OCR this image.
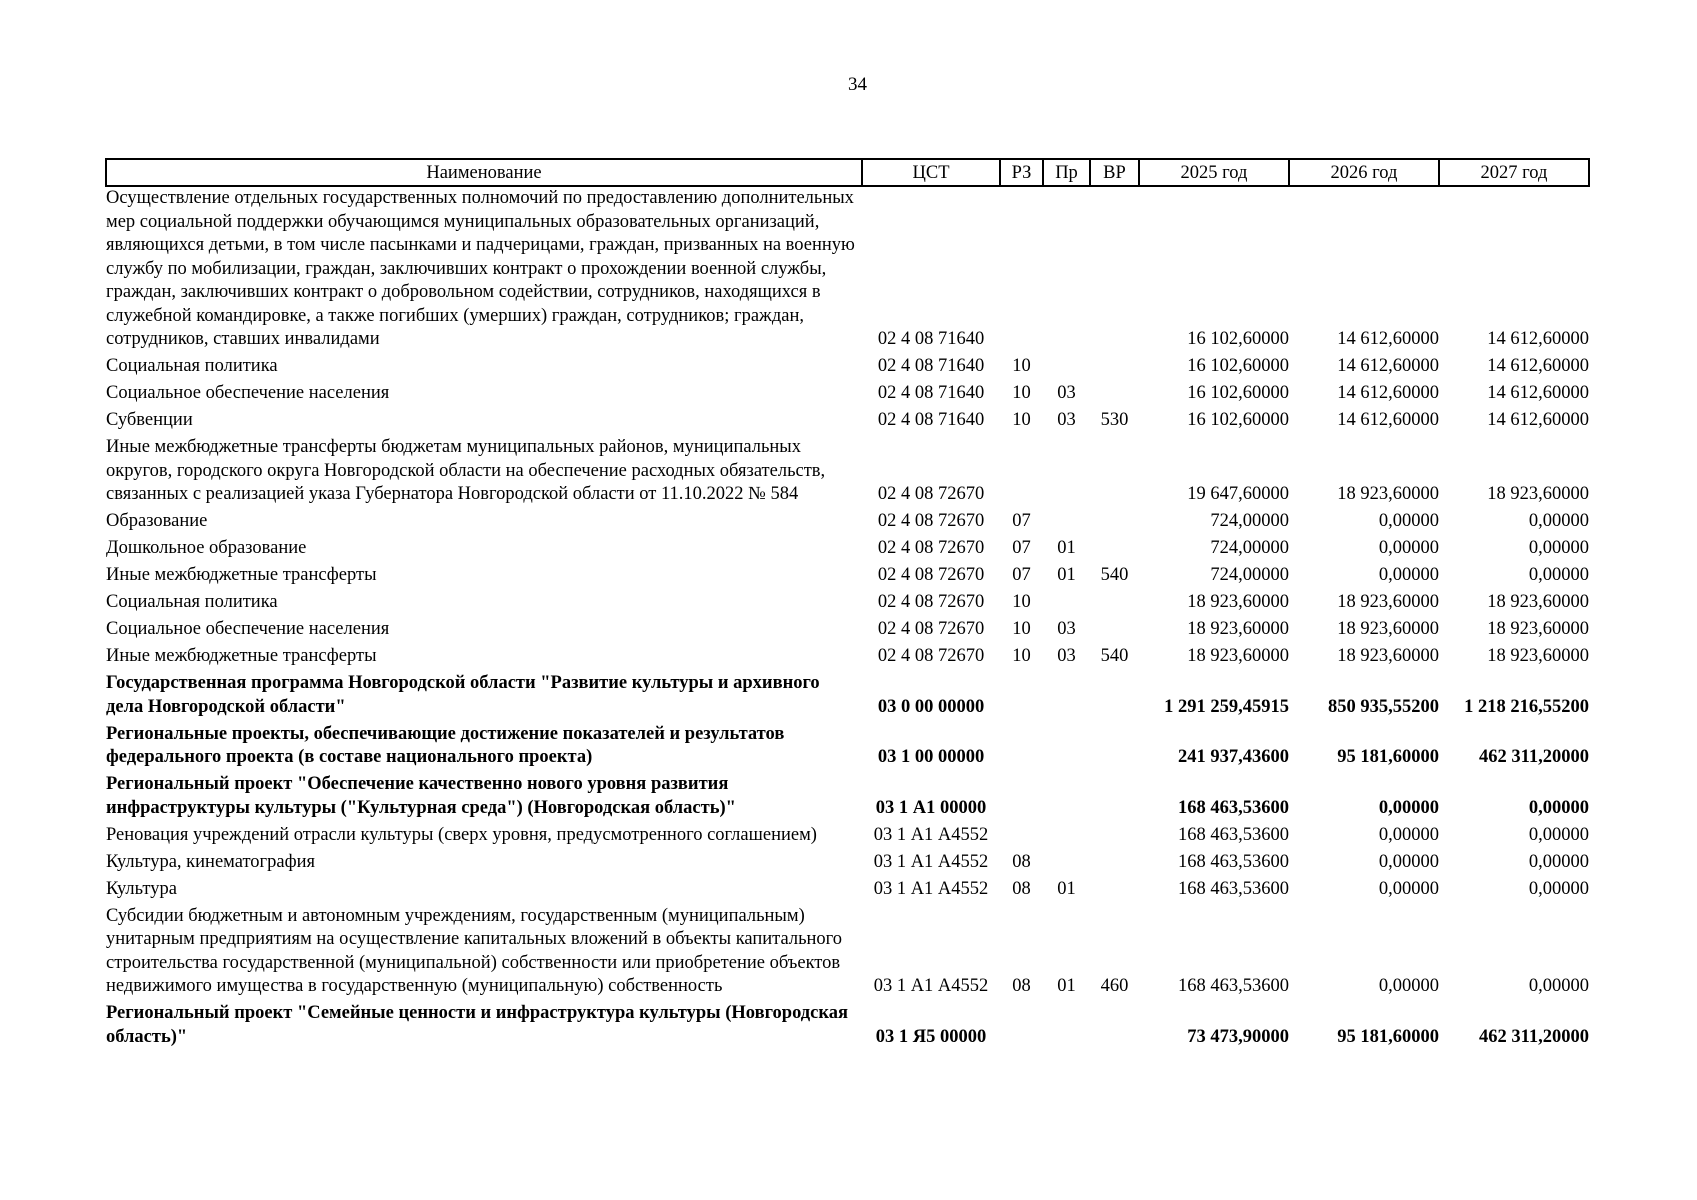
34
Наименование	ЦСТ	РЗ	Пр	ВР	2025 год	2026 год	2027 год
Осуществление отдельных государственных полномочий по предоставлению дополнительных мер социальной поддержки обучающимся муниципальных образовательных организаций, являющихся детьми, в том числе пасынками и падчерицами, граждан, призванных на военную службу по мобилизации, граждан, заключивших контракт о прохождении военной службы, граждан, заключивших контракт о добровольном содействии, сотрудников, находящихся в служебной командировке, а также погибших (умерших) граждан, сотрудников; граждан, сотрудников, ставших инвалидами	02 4 08 71640				16 102,60000	14 612,60000	14 612,60000
Социальная политика	02 4 08 71640	10			16 102,60000	14 612,60000	14 612,60000
Социальное обеспечение населения	02 4 08 71640	10	03		16 102,60000	14 612,60000	14 612,60000
Субвенции	02 4 08 71640	10	03	530	16 102,60000	14 612,60000	14 612,60000
Иные межбюджетные трансферты бюджетам муниципальных районов, муниципальных округов, городского округа Новгородской области на обеспечение расходных обязательств, связанных с реализацией указа Губернатора Новгородской области от 11.10.2022 № 584	02 4 08 72670				19 647,60000	18 923,60000	18 923,60000
Образование	02 4 08 72670	07			724,00000	0,00000	0,00000
Дошкольное образование	02 4 08 72670	07	01		724,00000	0,00000	0,00000
Иные межбюджетные трансферты	02 4 08 72670	07	01	540	724,00000	0,00000	0,00000
Социальная политика	02 4 08 72670	10			18 923,60000	18 923,60000	18 923,60000
Социальное обеспечение населения	02 4 08 72670	10	03		18 923,60000	18 923,60000	18 923,60000
Иные межбюджетные трансферты	02 4 08 72670	10	03	540	18 923,60000	18 923,60000	18 923,60000
Государственная программа Новгородской области "Развитие культуры и архивного дела Новгородской области"	03 0 00 00000				1 291 259,45915	850 935,55200	1 218 216,55200
Региональные проекты, обеспечивающие достижение показателей и результатов федерального проекта (в составе национального проекта)	03 1 00 00000				241 937,43600	95 181,60000	462 311,20000
Региональный проект "Обеспечение качественно нового уровня развития инфраструктуры культуры ("Культурная среда") (Новгородская область)"	03 1 А1 00000				168 463,53600	0,00000	0,00000
Реновация учреждений отрасли культуры (сверх уровня, предусмотренного соглашением)	03 1 А1 А4552				168 463,53600	0,00000	0,00000
Культура, кинематография	03 1 А1 А4552	08			168 463,53600	0,00000	0,00000
Культура	03 1 А1 А4552	08	01		168 463,53600	0,00000	0,00000
Субсидии бюджетным и автономным учреждениям, государственным (муниципальным) унитарным предприятиям на осуществление капитальных вложений в объекты капитального строительства государственной (муниципальной) собственности или приобретение объектов недвижимого имущества в государственную (муниципальную) собственность	03 1 А1 А4552	08	01	460	168 463,53600	0,00000	0,00000
Региональный проект "Семейные ценности и инфраструктура культуры (Новгородская область)"	03 1 Я5 00000				73 473,90000	95 181,60000	462 311,20000
